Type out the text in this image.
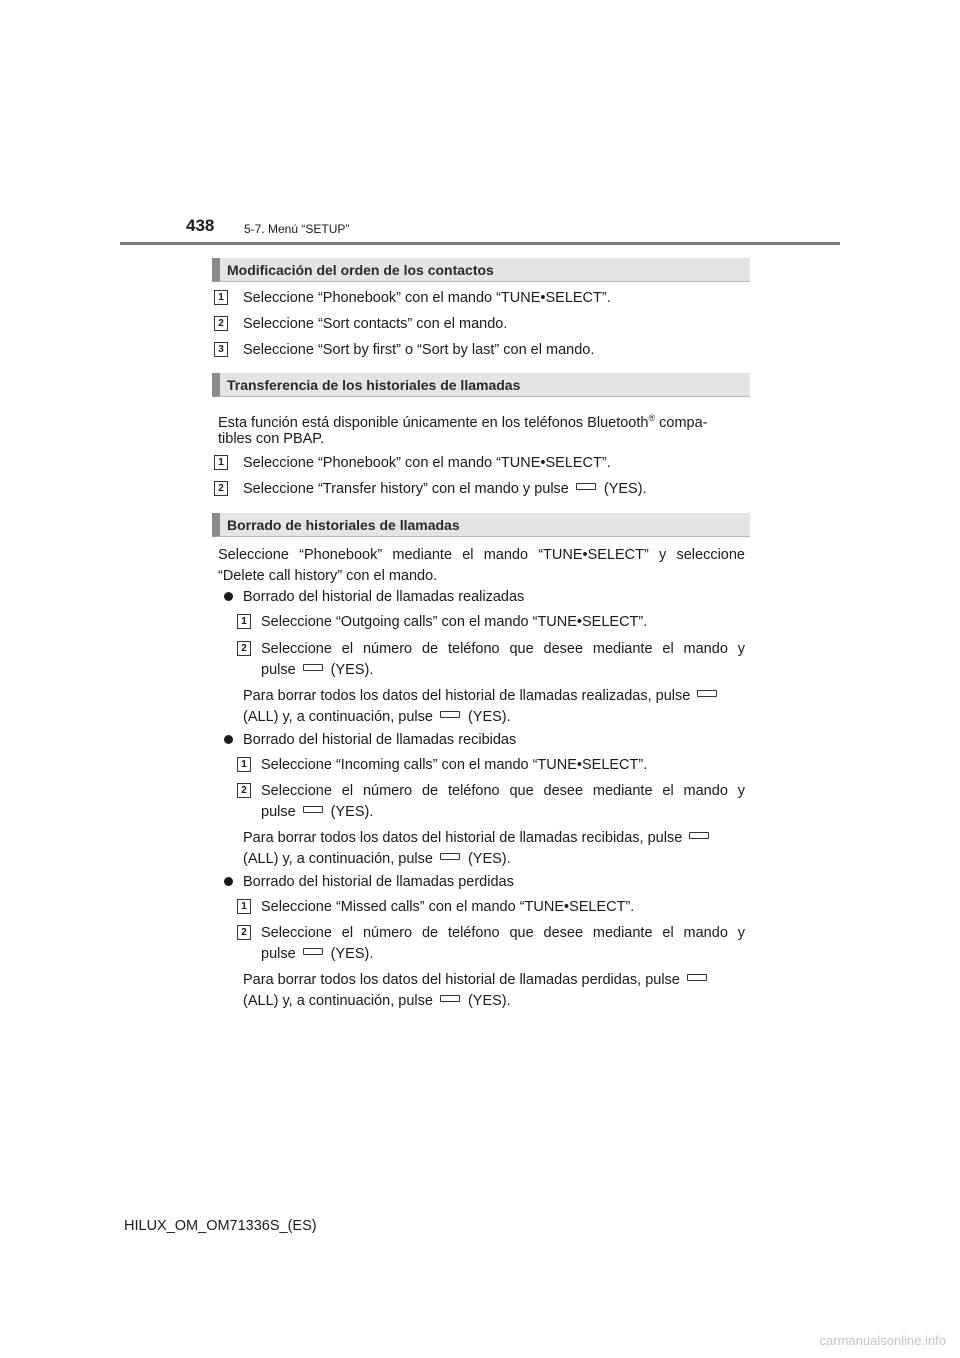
438 5-7. Menú “SETUP”
Modificación del orden de los contactos
1 Seleccione “Phonebook” con el mando “TUNE•SELECT”.
2 Seleccione “Sort contacts” con el mando.
3 Seleccione “Sort by first” o “Sort by last” con el mando.
Transferencia de los historiales de llamadas
Esta función está disponible únicamente en los teléfonos Bluetooth® compa-
tibles con PBAP.
1 Seleccione “Phonebook” con el mando “TUNE•SELECT”.
2 Seleccione “Transfer history” con el mando y pulse (YES).
Borrado de historiales de llamadas
Seleccione “Phonebook” mediante el mando “TUNE•SELECT” y seleccione
“Delete call history” con el mando.
Borrado del historial de llamadas realizadas
1 Seleccione “Outgoing calls” con el mando “TUNE•SELECT”.
2 Seleccione el número de teléfono que desee mediante el mando y
pulse (YES).
Para borrar todos los datos del historial de llamadas realizadas, pulse
(ALL) y, a continuación, pulse (YES).
Borrado del historial de llamadas recibidas
1 Seleccione “Incoming calls” con el mando “TUNE•SELECT”.
2 Seleccione el número de teléfono que desee mediante el mando y
pulse (YES).
Para borrar todos los datos del historial de llamadas recibidas, pulse
(ALL) y, a continuación, pulse (YES).
Borrado del historial de llamadas perdidas
1 Seleccione “Missed calls” con el mando “TUNE•SELECT”.
2 Seleccione el número de teléfono que desee mediante el mando y
pulse (YES).
Para borrar todos los datos del historial de llamadas perdidas, pulse
(ALL) y, a continuación, pulse (YES).
HILUX_OM_OM71336S_(ES)
carmanualsonline.info
